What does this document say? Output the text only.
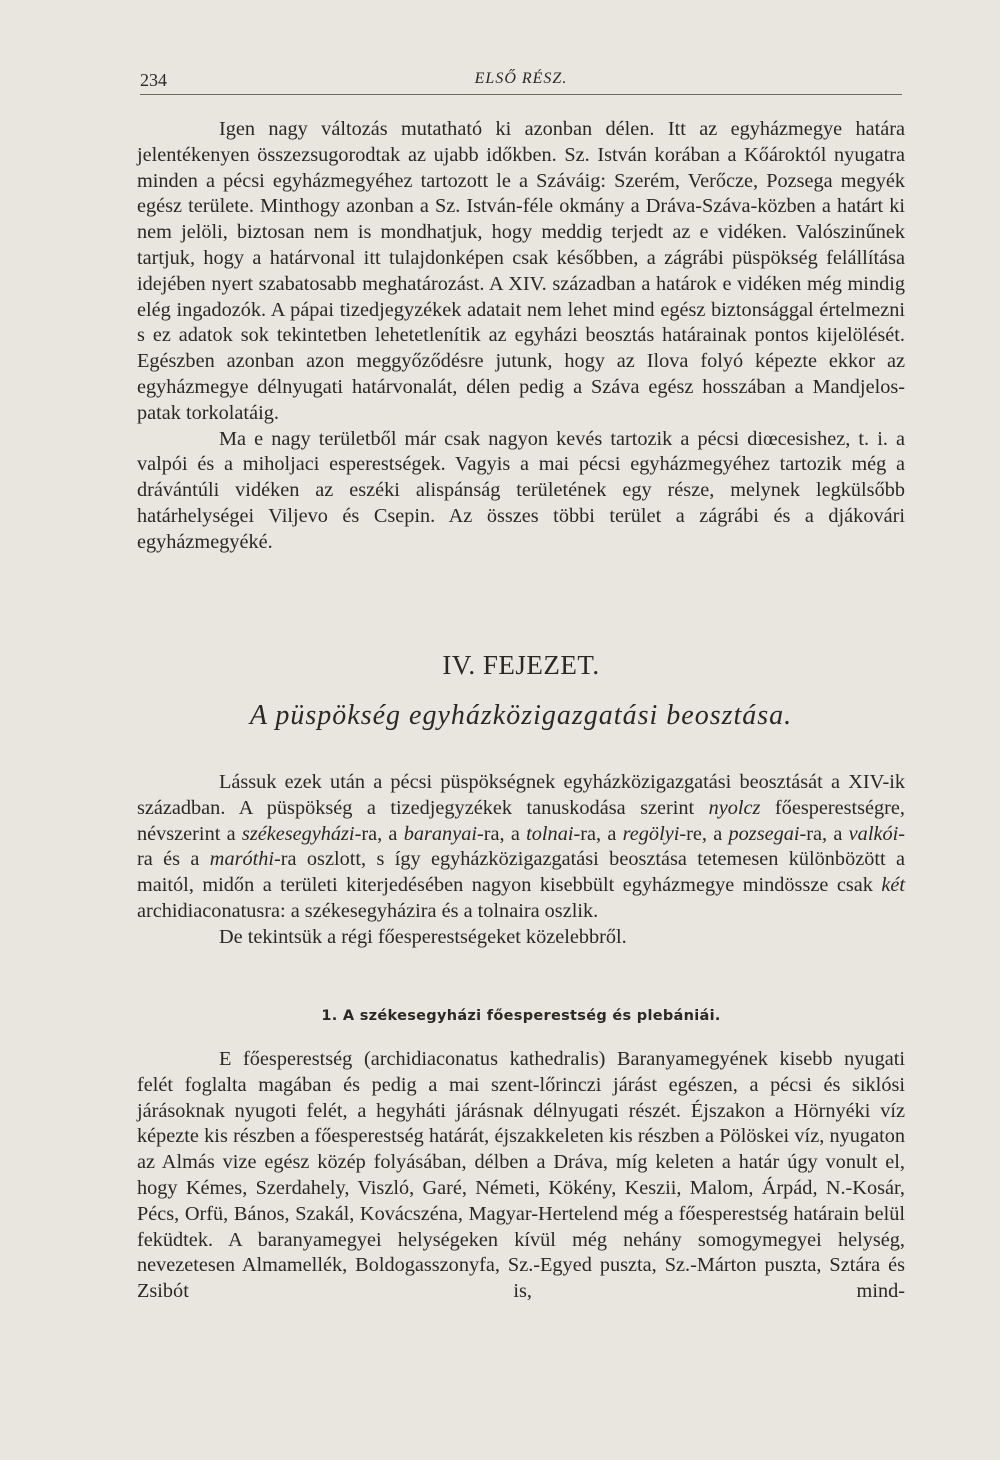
234	ELSŐ RÉSZ.

Igen nagy változás mutatható ki azonban délen. Itt az egyházmegye határa jelentékenyen összezsugorodtak az ujabb időkben. Sz. István korában a Kőároktól nyugatra minden a pécsi egyházmegyéhez tartozott le a Száváig: Szerém, Verőcze, Pozsega megyék egész területe. Minthogy azonban a Sz. István-féle okmány a Dráva-Száva-közben a határt ki nem jelöli, biztosan nem is mondhatjuk, hogy meddig terjedt az e vidéken. Valószinűnek tartjuk, hogy a határvonal itt tulajdonképen csak későbben, a zágrábi püspökség felállítása idejében nyert szabatosabb meghatározást. A XIV. században a határok e vidéken még mindig elég ingadozók. A pápai tizedjegyzékek adatait nem lehet mind egész biztonsággal értelmezni s ez adatok sok tekintetben lehetetlenítik az egyházi beosztás határainak pontos kijelölését. Egészben azonban azon meggyőződésre jutunk, hogy az Ilova folyó képezte ekkor az egyházmegye délnyugati határvonalát, délen pedig a Száva egész hosszában a Mandjelos-patak torkolatáig.

Ma e nagy területből már csak nagyon kevés tartozik a pécsi diœcesishez, t. i. a valpói és a miholjaci esperestségek. Vagyis a mai pécsi egyházmegyéhez tartozik még a drávántúli vidéken az eszéki alispánság területének egy része, melynek legkülsőbb határhelységei Viljevo és Csepin. Az összes többi terület a zágrábi és a djákovári egyházmegyéké.

IV. FEJEZET.
A püspökség egyházközigazgatási beosztása.

Lássuk ezek után a pécsi püspökségnek egyházközigazgatási beosztását a XIV-ik században. A püspökség a tizedjegyzékek tanuskodása szerint nyolcz főesperestségre, névszerint a székesegyházi-ra, a baranyai-ra, a tolnai-ra, a regölyi-re, a pozsegai-ra, a valkói-ra és a maróthi-ra oszlott, s így egyházközigazgatási beosztása tetemesen különbözött a maitól, midőn a területi kiterjedésében nagyon kisebbült egyházmegye mindössze csak két archidiaconatusra: a székesegyházira és a tolnaira oszlik.

De tekintsük a régi főesperestségeket közelebbről.

1. A székesegyházi főesperestség és plebániái.

E főesperestség (archidiaconatus kathedralis) Baranyamegyének kisebb nyugati felét foglalta magában és pedig a mai szent-lőrinczi járást egészen, a pécsi és siklósi járásoknak nyugoti felét, a hegyháti járásnak délnyugati részét. Éjszakon a Hörnyéki víz képezte kis részben a főesperestség határát, éjszakkeleten kis részben a Pölöskei víz, nyugaton az Almás vize egész közép folyásában, délben a Dráva, míg keleten a határ úgy vonult el, hogy Kémes, Szerdahely, Viszló, Garé, Németi, Kökény, Keszii, Malom, Árpád, N.-Kosár, Pécs, Orfü, Bános, Szakál, Kovácszéna, Magyar-Hertelend még a főesperestség határain belül feküdtek. A baranyamegyei helységeken kívül még nehány somogymegyei helység, nevezetesen Almamellék, Boldogasszonyfa, Sz.-Egyed puszta, Sz.-Márton puszta, Sztára és Zsibót is, mind-
